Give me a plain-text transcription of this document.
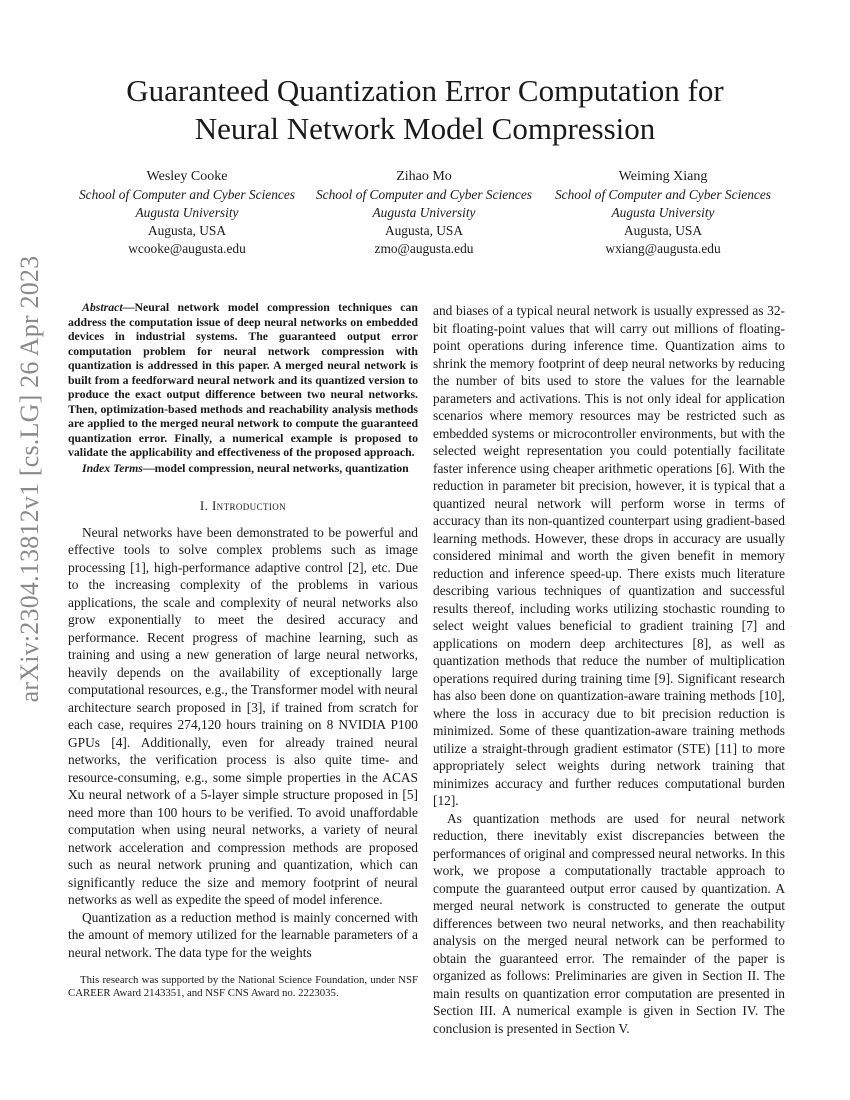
Guaranteed Quantization Error Computation for
Neural Network Model Compression
Wesley Cooke
School of Computer and Cyber Sciences
Augusta University
Augusta, USA
wcooke@augusta.edu
Zihao Mo
School of Computer and Cyber Sciences
Augusta University
Augusta, USA
zmo@augusta.edu
Weiming Xiang
School of Computer and Cyber Sciences
Augusta University
Augusta, USA
wxiang@augusta.edu
arXiv:2304.13812v1 [cs.LG] 26 Apr 2023	Abstract—Neural network model compression techniques can address the computation issue of deep neural networks on embedded devices in industrial systems. The guaranteed output error computation problem for neural network compression with quantization is addressed in this paper. A merged neural network is built from a feedforward neural network and its quantized version to produce the exact output difference between two neural networks. Then, optimization-based methods and reachability analysis methods are applied to the merged neural network to compute the guaranteed quantization error. Finally, a numerical example is proposed to validate the applicability and effectiveness of the proposed approach.
Index Terms—model compression, neural networks, quantization
I. Introduction

Neural networks have been demonstrated to be powerful and effective tools to solve complex problems such as image processing [1], high-performance adaptive control [2], etc. Due to the increasing complexity of the problems in various applications, the scale and complexity of neural networks also grow exponentially to meet the desired accuracy and performance. Recent progress of machine learning, such as training and using a new generation of large neural networks, heavily depends on the availability of exceptionally large computational resources, e.g., the Transformer model with neural architecture search proposed in [3], if trained from scratch for each case, requires 274,120 hours training on 8 NVIDIA P100 GPUs [4]. Additionally, even for already trained neural networks, the verification process is also quite time- and resource-consuming, e.g., some simple properties in the ACAS Xu neural network of a 5-layer simple structure proposed in [5] need more than 100 hours to be verified. To avoid unaffordable computation when using neural networks, a variety of neural network acceleration and compression methods are proposed such as neural network pruning and quantization, which can significantly reduce the size and memory footprint of neural networks as well as expedite the speed of model inference.

Quantization as a reduction method is mainly concerned with the amount of memory utilized for the learnable parameters of a neural network. The data type for the weights

and biases of a typical neural network is usually expressed as 32-bit floating-point values that will carry out millions of floating-point operations during inference time. Quantization aims to shrink the memory footprint of deep neural networks by reducing the number of bits used to store the values for the learnable parameters and activations. This is not only ideal for application scenarios where memory resources may be restricted such as embedded systems or microcontroller environments, but with the selected weight representation you could potentially facilitate faster inference using cheaper arithmetic operations [6]. With the reduction in parameter bit precision, however, it is typical that a quantized neural network will perform worse in terms of accuracy than its non-quantized counterpart using gradient-based learning methods. However, these drops in accuracy are usually considered minimal and worth the given benefit in memory reduction and inference speed-up. There exists much literature describing various techniques of quantization and successful results thereof, including works utilizing stochastic rounding to select weight values beneficial to gradient training [7] and applications on modern deep architectures [8], as well as quantization methods that reduce the number of multiplication operations required during training time [9]. Significant research has also been done on quantization-aware training methods [10], where the loss in accuracy due to bit precision reduction is minimized. Some of these quantization-aware training methods utilize a straight-through gradient estimator (STE) [11] to more appropriately select weights during network training that minimizes accuracy and further reduces computational burden [12].

As quantization methods are used for neural network reduction, there inevitably exist discrepancies between the performances of original and compressed neural networks. In this work, we propose a computationally tractable approach to compute the guaranteed output error caused by quantization. A merged neural network is constructed to generate the output differences between two neural networks, and then reachability analysis on the merged neural network can be performed to obtain the guaranteed error. The remainder of the paper is organized as follows: Preliminaries are given in Section II. The main results on quantization error computation are presented in Section III. A numerical example is given in Section IV. The conclusion is presented in Section V.

This research was supported by the National Science Foundation, under NSF CAREER Award 2143351, and NSF CNS Award no. 2223035.
